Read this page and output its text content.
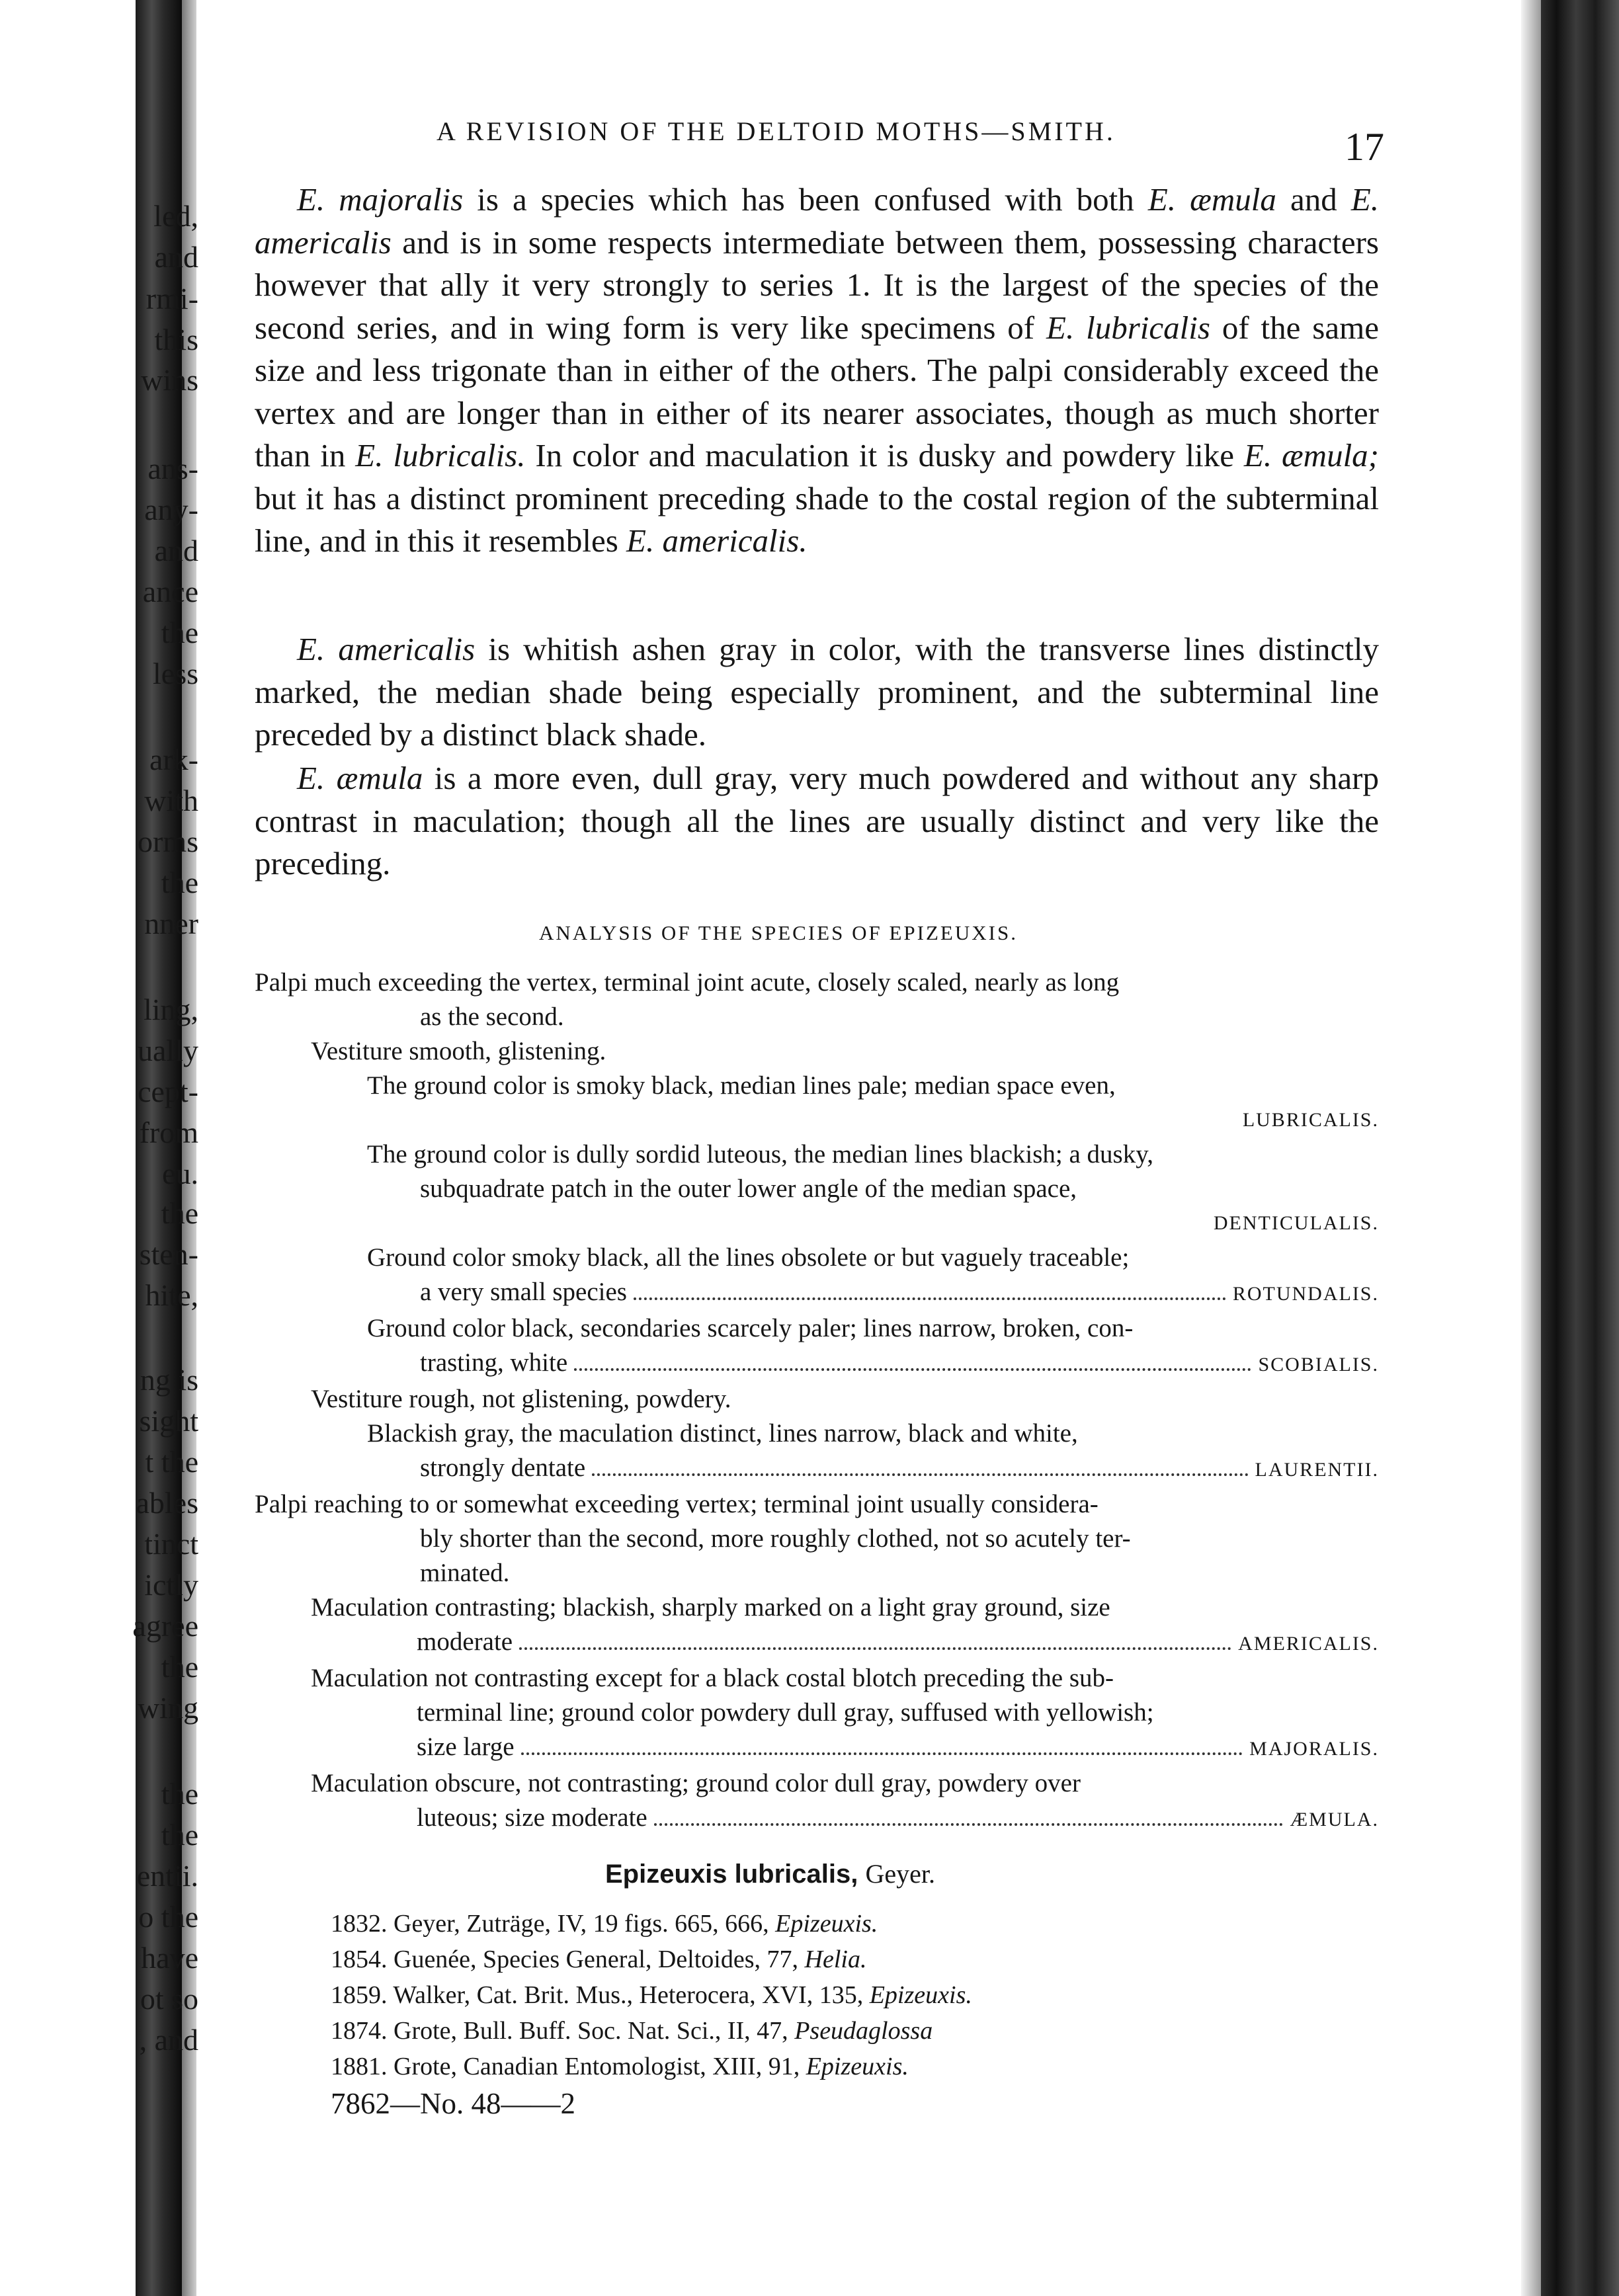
led,
and
rmi-
this
wins
ans-
any-
and
ance
the
less
ark-
with
orms
the
nner
ling,
ually
cept-
from
eu.
the
sten-
hite,
ng is
sight
t the
ables
tinct
ictly
agree
the
wing
the
the
entii.
o the
have
ot so
, and
A REVISION OF THE DELTOID MOTHS—SMITH.	17

E. majoralis is a species which has been confused with both E. æmula and E. americalis and is in some respects intermediate between them, possessing characters however that ally it very strongly to series 1. It is the largest of the species of the second series, and in wing form is very like specimens of E. lubricalis of the same size and less trigonate than in either of the others. The palpi considerably exceed the vertex and are longer than in either of its nearer associates, though as much shorter than in E. lubricalis. In color and maculation it is dusky and powdery like E. æmula; but it has a distinct prominent preceding shade to the costal region of the subterminal line, and in this it resembles E. americalis.

E. americalis is whitish ashen gray in color, with the transverse lines distinctly marked, the median shade being especially prominent, and the subterminal line preceded by a distinct black shade.

E. æmula is a more even, dull gray, very much powdered and without any sharp contrast in maculation; though all the lines are usually distinct and very like the preceding.

ANALYSIS OF THE SPECIES OF EPIZEUXIS.
Palpi much exceeding the vertex, terminal joint acute, closely scaled, nearly as long
as the second.
Vestiture smooth, glistening.
The ground color is smoky black, median lines pale; median space even,
LUBRICALIS.
The ground color is dully sordid luteous, the median lines blackish; a dusky,
subquadrate patch in the outer lower angle of the median space,
DENTICULALIS.
Ground color smoky black, all the lines obsolete or but vaguely traceable;
a very small species	ROTUNDALIS.
Ground color black, secondaries scarcely paler; lines narrow, broken, con-
trasting, white	SCOBIALIS.
Vestiture rough, not glistening, powdery.
Blackish gray, the maculation distinct, lines narrow, black and white,
strongly dentate	LAURENTII.
Palpi reaching to or somewhat exceeding vertex; terminal joint usually considera-
bly shorter than the second, more roughly clothed, not so acutely ter-
minated.
Maculation contrasting; blackish, sharply marked on a light gray ground, size
moderate	AMERICALIS.
Maculation not contrasting except for a black costal blotch preceding the sub-
terminal line; ground color powdery dull gray, suffused with yellowish;
size large	MAJORALIS.
Maculation obscure, not contrasting; ground color dull gray, powdery over
luteous; size moderate	ÆMULA.
Epizeuxis lubricalis, Geyer.
1832. Geyer, Zuträge, IV, 19 figs. 665, 666, Epizeuxis.
1854. Guenée, Species General, Deltoides, 77, Helia.
1859. Walker, Cat. Brit. Mus., Heterocera, XVI, 135, Epizeuxis.
1874. Grote, Bull. Buff. Soc. Nat. Sci., II, 47, Pseudaglossa
1881. Grote, Canadian Entomologist, XIII, 91, Epizeuxis.
7862—No. 48——2
